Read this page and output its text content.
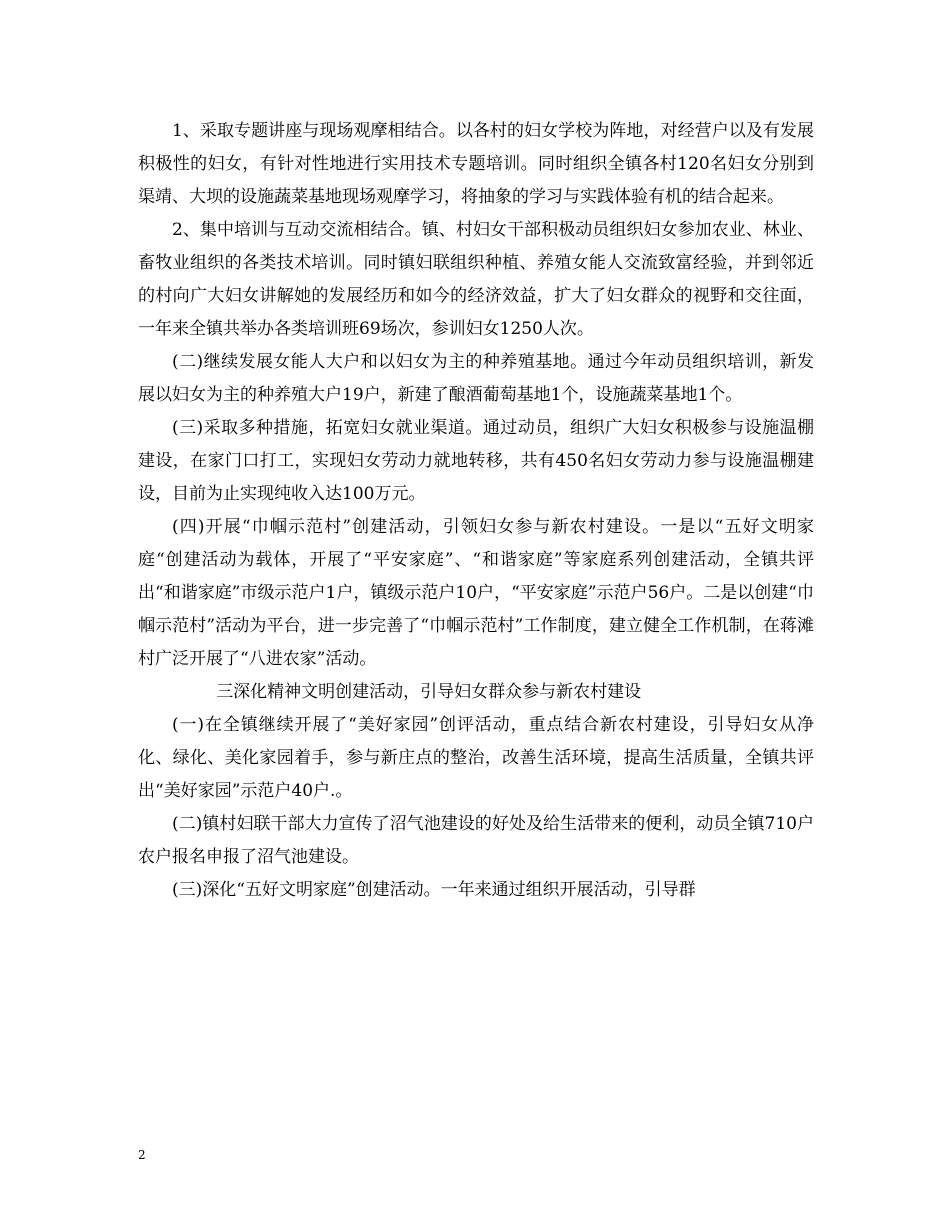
1、采取专题讲座与现场观摩相结合。以各村的妇女学校为阵地，对经营户以及有发展积极性的妇女，有针对性地进行实用技术专题培训。同时组织全镇各村120名妇女分别到渠靖、大坝的设施蔬菜基地现场观摩学习，将抽象的学习与实践体验有机的结合起来。

2、集中培训与互动交流相结合。镇、村妇女干部积极动员组织妇女参加农业、林业、畜牧业组织的各类技术培训。同时镇妇联组织种植、养殖女能人交流致富经验，并到邻近的村向广大妇女讲解她的发展经历和如今的经济效益，扩大了妇女群众的视野和交往面，一年来全镇共举办各类培训班69场次，参训妇女1250人次。

(二)继续发展女能人大户和以妇女为主的种养殖基地。通过今年动员组织培训，新发展以妇女为主的种养殖大户19户，新建了酿酒葡萄基地1个，设施蔬菜基地1个。

(三)采取多种措施，拓宽妇女就业渠道。通过动员，组织广大妇女积极参与设施温棚建设，在家门口打工，实现妇女劳动力就地转移，共有450名妇女劳动力参与设施温棚建设，目前为止实现纯收入达100万元。

(四)开展“巾帼示范村”创建活动，引领妇女参与新农村建设。一是以“五好文明家庭“创建活动为载体，开展了“平安家庭”、“和谐家庭”等家庭系列创建活动，全镇共评出“和谐家庭”市级示范户1户，镇级示范户10户，“平安家庭”示范户56户。二是以创建“巾帼示范村”活动为平台，进一步完善了“巾帼示范村”工作制度，建立健全工作机制，在蒋滩村广泛开展了“八进农家”活动。

三深化精神文明创建活动，引导妇女群众参与新农村建设

(一)在全镇继续开展了“美好家园”创评活动，重点结合新农村建设，引导妇女从净化、绿化、美化家园着手，参与新庄点的整治，改善生活环境，提高生活质量，全镇共评出“美好家园”示范户40户.。

(二)镇村妇联干部大力宣传了沼气池建设的好处及给生活带来的便利，动员全镇710户农户报名申报了沼气池建设。

(三)深化“五好文明家庭”创建活动。一年来通过组织开展活动，引导群

2
